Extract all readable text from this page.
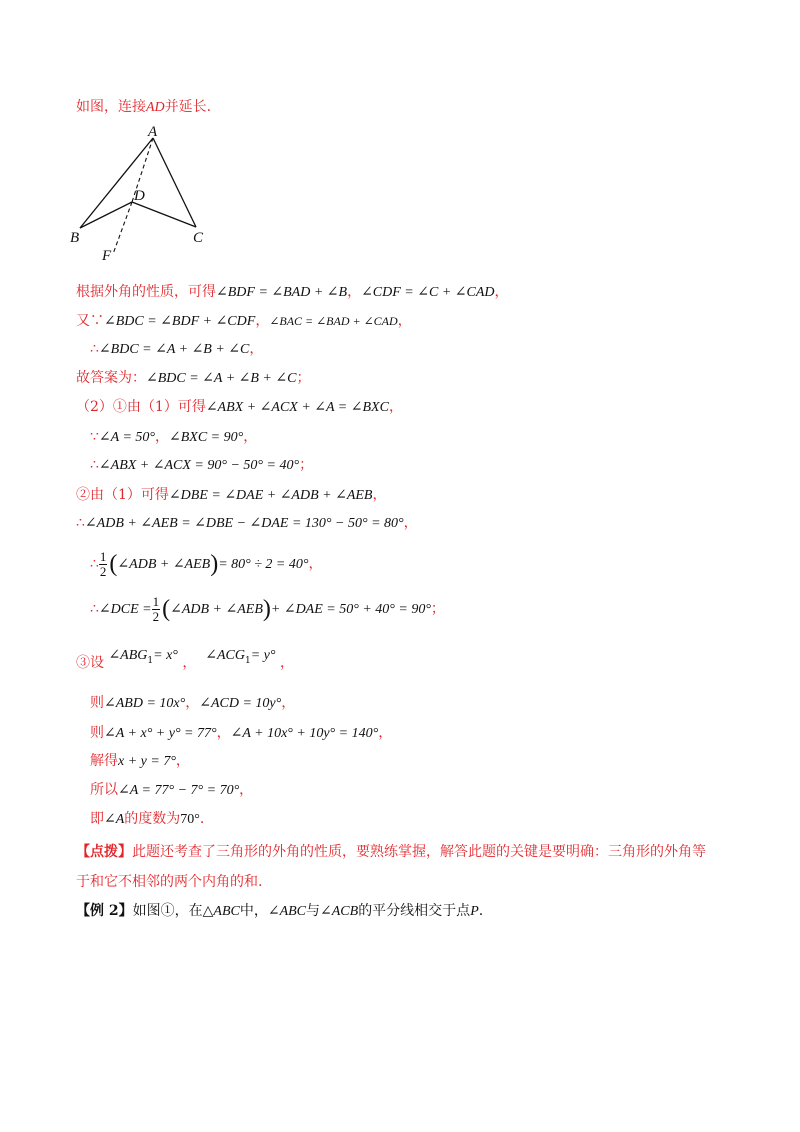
如图，连接AD并延长.
A
B	C
D
F
根据外角的性质，可得∠BDF = ∠BAD + ∠B，∠CDF = ∠C + ∠CAD，
又∵∠BDC = ∠BDF + ∠CDF，∠BAC = ∠BAD + ∠CAD，
∴∠BDC = ∠A + ∠B + ∠C，
故答案为：∠BDC = ∠A + ∠B + ∠C；
（2）①由（1）可得∠ABX + ∠ACX + ∠A = ∠BXC，
∵∠A = 50°，∠BXC = 90°，
∴∠ABX + ∠ACX = 90° − 50° = 40°；
②由（1）可得∠DBE = ∠DAE + ∠ADB + ∠AEB，
∴∠ADB + ∠AEB = ∠DBE − ∠DAE = 130° − 50° = 80°，
∴ $\frac{1}{2}$ (∠ADB + ∠AEB)= 80° ÷ 2 = 40°，
∴∠DCE = $\frac{1}{2}$ (∠ADB + ∠AEB)+ ∠DAE = 50° + 40° = 90°；
③设 $\angle ABG_1= x^\circ$ ， $\angle ACG_1= y^\circ$ ，
则∠ABD = 10x°，∠ACD = 10y°，
则∠A + x° + y° = 77°，∠A + 10x° + 10y° = 140°，
解得x + y = 7°，
所以∠A = 77° − 7° = 70°，
即∠A的度数为70°.
【点拨】此题还考查了三角形的外角的性质，要熟练掌握，解答此题的关键是要明确：三角形的外角等
于和它不相邻的两个内角的和.
【例 2】如图①，在△ABC中，∠ABC与∠ACB的平分线相交于点P.
